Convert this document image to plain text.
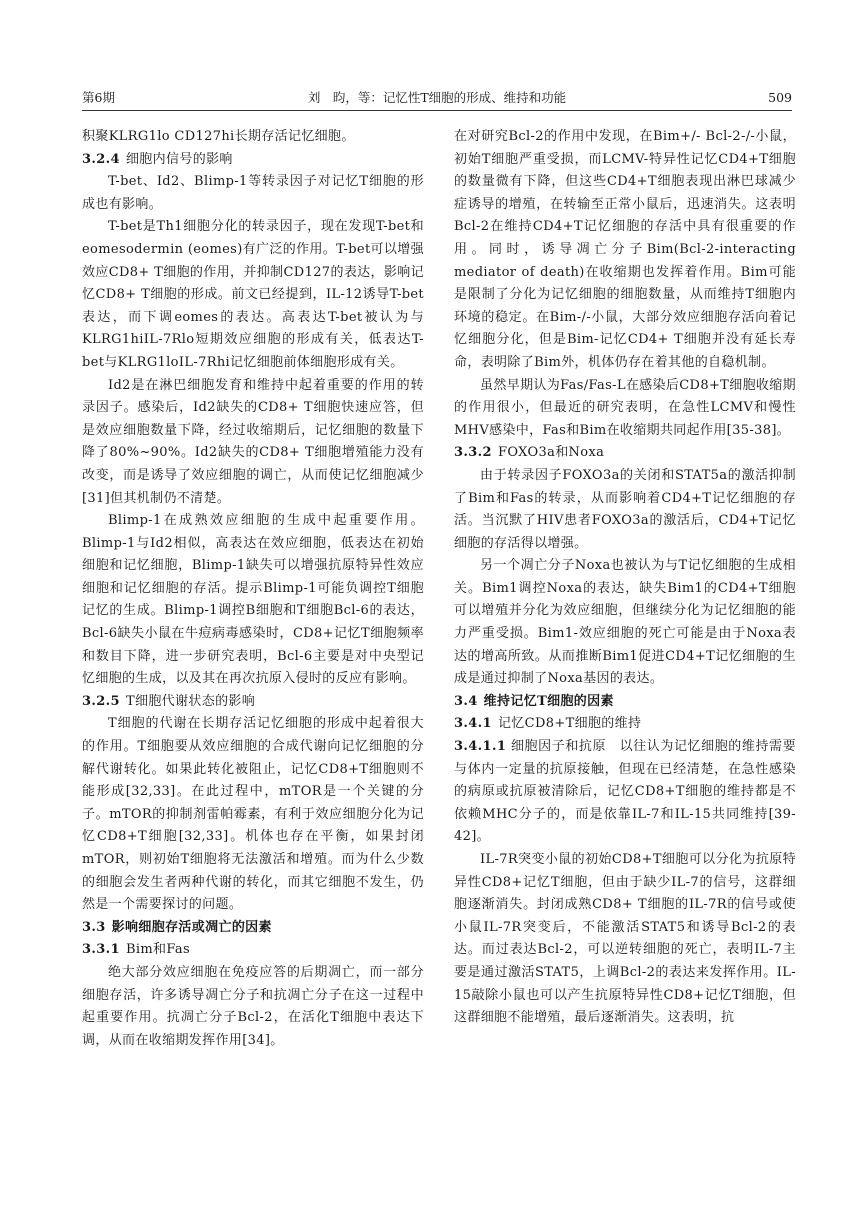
第6期	刘　昀，等：记忆性T细胞的形成、维持和功能	509

积聚KLRG1lo CD127hi长期存活记忆细胞。

3.2.4 细胞内信号的影响

T-bet、Id2、Blimp-1等转录因子对记忆T细胞的形成也有影响。

T-bet是Th1细胞分化的转录因子，现在发现T-bet和eomesodermin (eomes)有广泛的作用。T-bet可以增强效应CD8+ T细胞的作用，并抑制CD127的表达，影响记忆CD8+ T细胞的形成。前文已经提到，IL-12诱导T-bet表达，而下调eomes的表达。高表达T-bet被认为与KLRG1hiIL-7Rlo短期效应细胞的形成有关，低表达T-bet与KLRG1loIL-7Rhi记忆细胞前体细胞形成有关。

Id2是在淋巴细胞发育和维持中起着重要的作用的转录因子。感染后，Id2缺失的CD8+ T细胞快速应答，但是效应细胞数量下降，经过收缩期后，记忆细胞的数量下降了80%~90%。Id2缺失的CD8+ T细胞增殖能力没有改变，而是诱导了效应细胞的调亡，从而使记忆细胞减少[31]但其机制仍不清楚。

Blimp-1在成熟效应细胞的生成中起重要作用。Blimp-1与Id2相似，高表达在效应细胞，低表达在初始细胞和记忆细胞，Blimp-1缺失可以增强抗原特异性效应细胞和记忆细胞的存活。提示Blimp-1可能负调控T细胞记忆的生成。Blimp-1调控B细胞和T细胞Bcl-6的表达，Bcl-6缺失小鼠在牛痘病毒感染时，CD8+记忆T细胞频率和数目下降，进一步研究表明，Bcl-6主要是对中央型记忆细胞的生成，以及其在再次抗原入侵时的反应有影响。

3.2.5 T细胞代谢状态的影响

T细胞的代谢在长期存活记忆细胞的形成中起着很大的作用。T细胞要从效应细胞的合成代谢向记忆细胞的分解代谢转化。如果此转化被阻止，记忆CD8+T细胞则不能形成[32,33]。在此过程中，mTOR是一个关键的分子。mTOR的抑制剂雷帕霉素，有利于效应细胞分化为记忆CD8+T细胞[32,33]。机体也存在平衡，如果封闭mTOR，则初始T细胞将无法激活和增殖。而为什么少数的细胞会发生者两种代谢的转化，而其它细胞不发生，仍然是一个需要探讨的问题。

3.3 影响细胞存活或凋亡的因素
3.3.1 Bim和Fas

绝大部分效应细胞在免疫应答的后期凋亡，而一部分细胞存活，许多诱导凋亡分子和抗凋亡分子在这一过程中起重要作用。抗凋亡分子Bcl-2，在活化T细胞中表达下调，从而在收缩期发挥作用[34]。

在对研究Bcl-2的作用中发现，在Bim+/- Bcl-2-/-小鼠，初始T细胞严重受损，而LCMV-特异性记忆CD4+T细胞的数量微有下降，但这些CD4+T细胞表现出淋巴球减少症诱导的增殖，在转输至正常小鼠后，迅速消失。这表明Bcl-2在维持CD4+T记忆细胞的存活中具有很重要的作用。同时，诱导凋亡分子Bim(Bcl-2-interacting mediator of death)在收缩期也发挥着作用。Bim可能是限制了分化为记忆细胞的细胞数量，从而维持T细胞内环境的稳定。在Bim-/-小鼠，大部分效应细胞存活向着记忆细胞分化，但是Bim-记忆CD4+ T细胞并没有延长寿命，表明除了Bim外，机体仍存在着其他的自稳机制。

虽然早期认为Fas/Fas-L在感染后CD8+T细胞收缩期的作用很小，但最近的研究表明，在急性LCMV和慢性MHV感染中，Fas和Bim在收缩期共同起作用[35-38]。

3.3.2 FOXO3a和Noxa

由于转录因子FOXO3a的关闭和STAT5a的激活抑制了Bim和Fas的转录，从而影响着CD4+T记忆细胞的存活。当沉默了HIV患者FOXO3a的激活后，CD4+T记忆细胞的存活得以增强。

另一个凋亡分子Noxa也被认为与T记忆细胞的生成相关。Bim1调控Noxa的表达，缺失Bim1的CD4+T细胞可以增殖并分化为效应细胞，但继续分化为记忆细胞的能力严重受损。Bim1-效应细胞的死亡可能是由于Noxa表达的增高所致。从而推断Bim1促进CD4+T记忆细胞的生成是通过抑制了Noxa基因的表达。

3.4 维持记忆T细胞的因素
3.4.1 记忆CD8+T细胞的维持

3.4.1.1 细胞因子和抗原　 以往认为记忆细胞的维持需要与体内一定量的抗原接触，但现在已经清楚，在急性感染的病原或抗原被清除后，记忆CD8+T细胞的维持都是不依赖MHC分子的，而是依靠IL-7和IL-15共同维持[39-42]。

IL-7R突变小鼠的初始CD8+T细胞可以分化为抗原特异性CD8+记忆T细胞，但由于缺少IL-7的信号，这群细胞逐渐消失。封闭成熟CD8+ T细胞的IL-7R的信号或使小鼠IL-7R突变后，不能激活STAT5和诱导Bcl-2的表达。而过表达Bcl-2，可以逆转细胞的死亡，表明IL-7主要是通过激活STAT5，上调Bcl-2的表达来发挥作用。IL-15敲除小鼠也可以产生抗原特异性CD8+记忆T细胞，但这群细胞不能增殖，最后逐渐消失。这表明，抗
